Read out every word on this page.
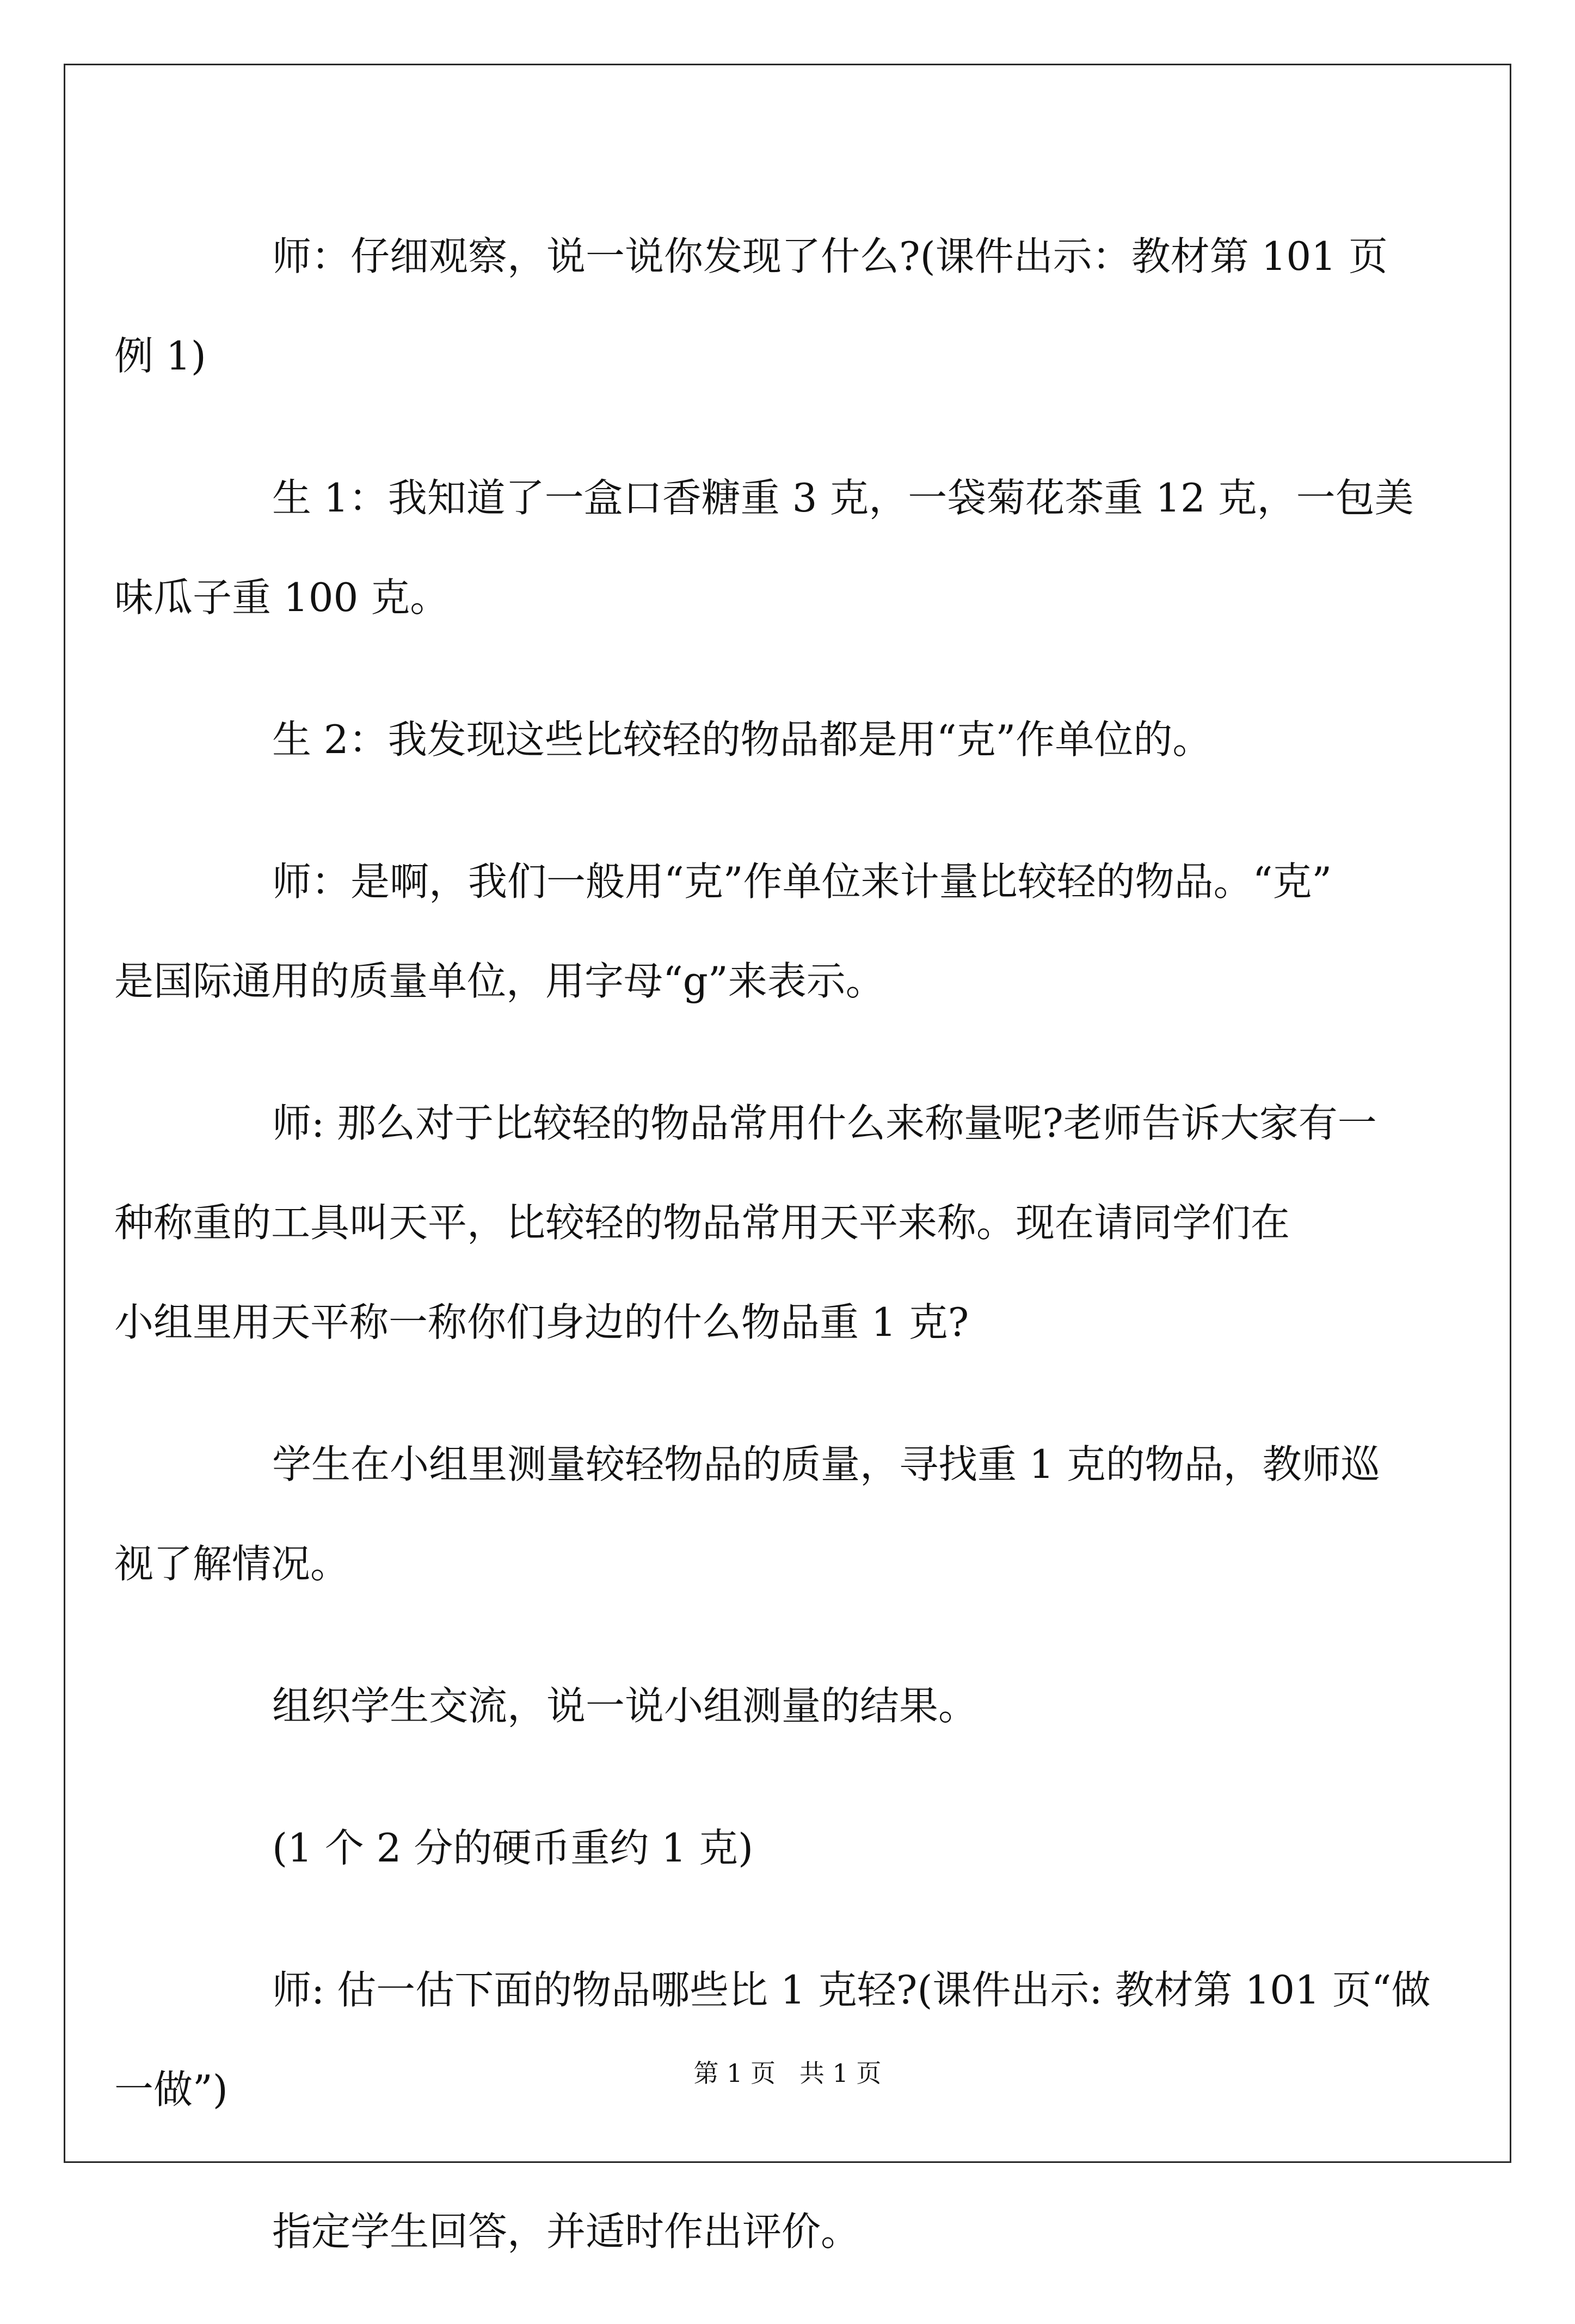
师：仔细观察，说一说你发现了什么?(课件出示：教材第 101 页
例 1)

生 1：我知道了一盒口香糖重 3 克，一袋菊花茶重 12 克，一包美
味瓜子重 100 克。

生 2：我发现这些比较轻的物品都是用“克”作单位的。

师：是啊，我们一般用“克”作单位来计量比较轻的物品。“克”
是国际通用的质量单位，用字母“g”来表示。

师: 那么对于比较轻的物品常用什么来称量呢?老师告诉大家有一
种称重的工具叫天平，比较轻的物品常用天平来称。现在请同学们在
小组里用天平称一称你们身边的什么物品重 1 克?

学生在小组里测量较轻物品的质量，寻找重 1 克的物品，教师巡
视了解情况。

组织学生交流，说一说小组测量的结果。

(1 个 2 分的硬币重约 1 克)

师: 估一估下面的物品哪些比 1 克轻?(课件出示: 教材第 101 页“做
一做”)

指定学生回答，并适时作出评价。

第 1 页   共 1 页
